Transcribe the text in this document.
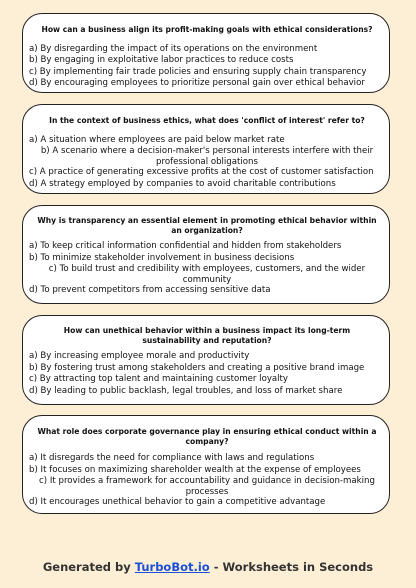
How can a business align its profit-making goals with ethical considerations?
a) By disregarding the impact of its operations on the environment
b) By engaging in exploitative labor practices to reduce costs
c) By implementing fair trade policies and ensuring supply chain transparency
d) By encouraging employees to prioritize personal gain over ethical behavior
In the context of business ethics, what does 'conflict of interest' refer to?
a) A situation where employees are paid below market rate
b) A scenario where a decision-maker's personal interests interfere with their professional obligations
c) A practice of generating excessive profits at the cost of customer satisfaction
d) A strategy employed by companies to avoid charitable contributions
Why is transparency an essential element in promoting ethical behavior within an organization?
a) To keep critical information confidential and hidden from stakeholders
b) To minimize stakeholder involvement in business decisions
c) To build trust and credibility with employees, customers, and the wider community
d) To prevent competitors from accessing sensitive data
How can unethical behavior within a business impact its long-term sustainability and reputation?
a) By increasing employee morale and productivity
b) By fostering trust among stakeholders and creating a positive brand image
c) By attracting top talent and maintaining customer loyalty
d) By leading to public backlash, legal troubles, and loss of market share
What role does corporate governance play in ensuring ethical conduct within a company?
a) It disregards the need for compliance with laws and regulations
b) It focuses on maximizing shareholder wealth at the expense of employees
c) It provides a framework for accountability and guidance in decision-making processes
d) It encourages unethical behavior to gain a competitive advantage
Generated by TurboBot.io - Worksheets in Seconds
